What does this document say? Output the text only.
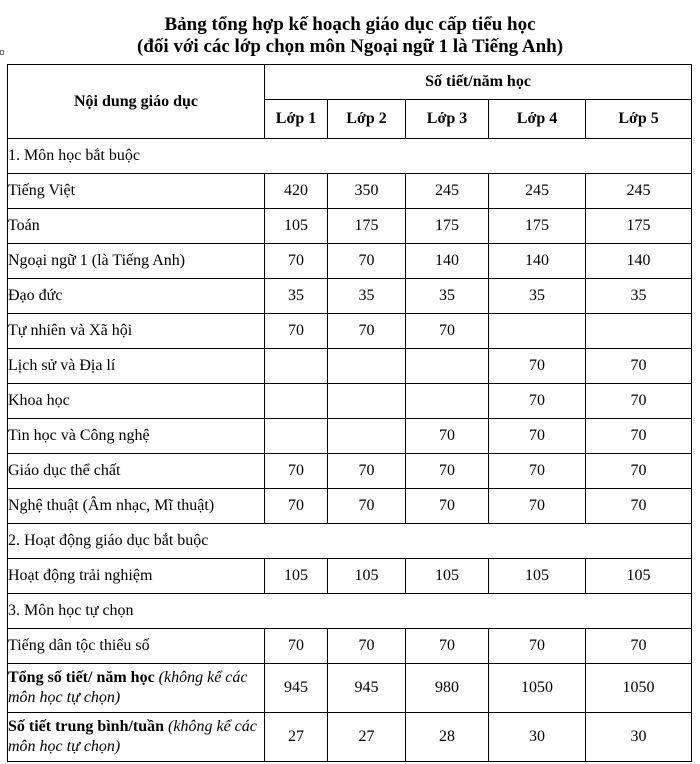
Bảng tổng hợp kế hoạch giáo dục cấp tiểu học
(đối với các lớp chọn môn Ngoại ngữ 1 là Tiếng Anh)
Nội dung giáo dục	Số tiết/năm học				
	Lớp 1	Lớp 2	Lớp 3	Lớp 4	Lớp 5
1. Môn học bắt buộc					
Tiếng Việt	420	350	245	245	245
Toán	105	175	175	175	175
Ngoại ngữ 1 (là Tiếng Anh)	70	70	140	140	140
Đạo đức	35	35	35	35	35
Tự nhiên và Xã hội	70	70	70		
Lịch sử và Địa lí				70	70
Khoa học				70	70
Tin học và Công nghệ			70	70	70
Giáo dục thể chất	70	70	70	70	70
Nghệ thuật (Âm nhạc, Mĩ thuật)	70	70	70	70	70
2. Hoạt động giáo dục bắt buộc					
Hoạt động trải nghiệm	105	105	105	105	105
3. Môn học tự chọn					
Tiếng dân tộc thiểu số	70	70	70	70	70
Tổng số tiết/ năm học (không kể các môn học tự chọn)	945	945	980	1050	1050
Số tiết trung bình/tuần (không kể các môn học tự chọn)	27	27	28	30	30
